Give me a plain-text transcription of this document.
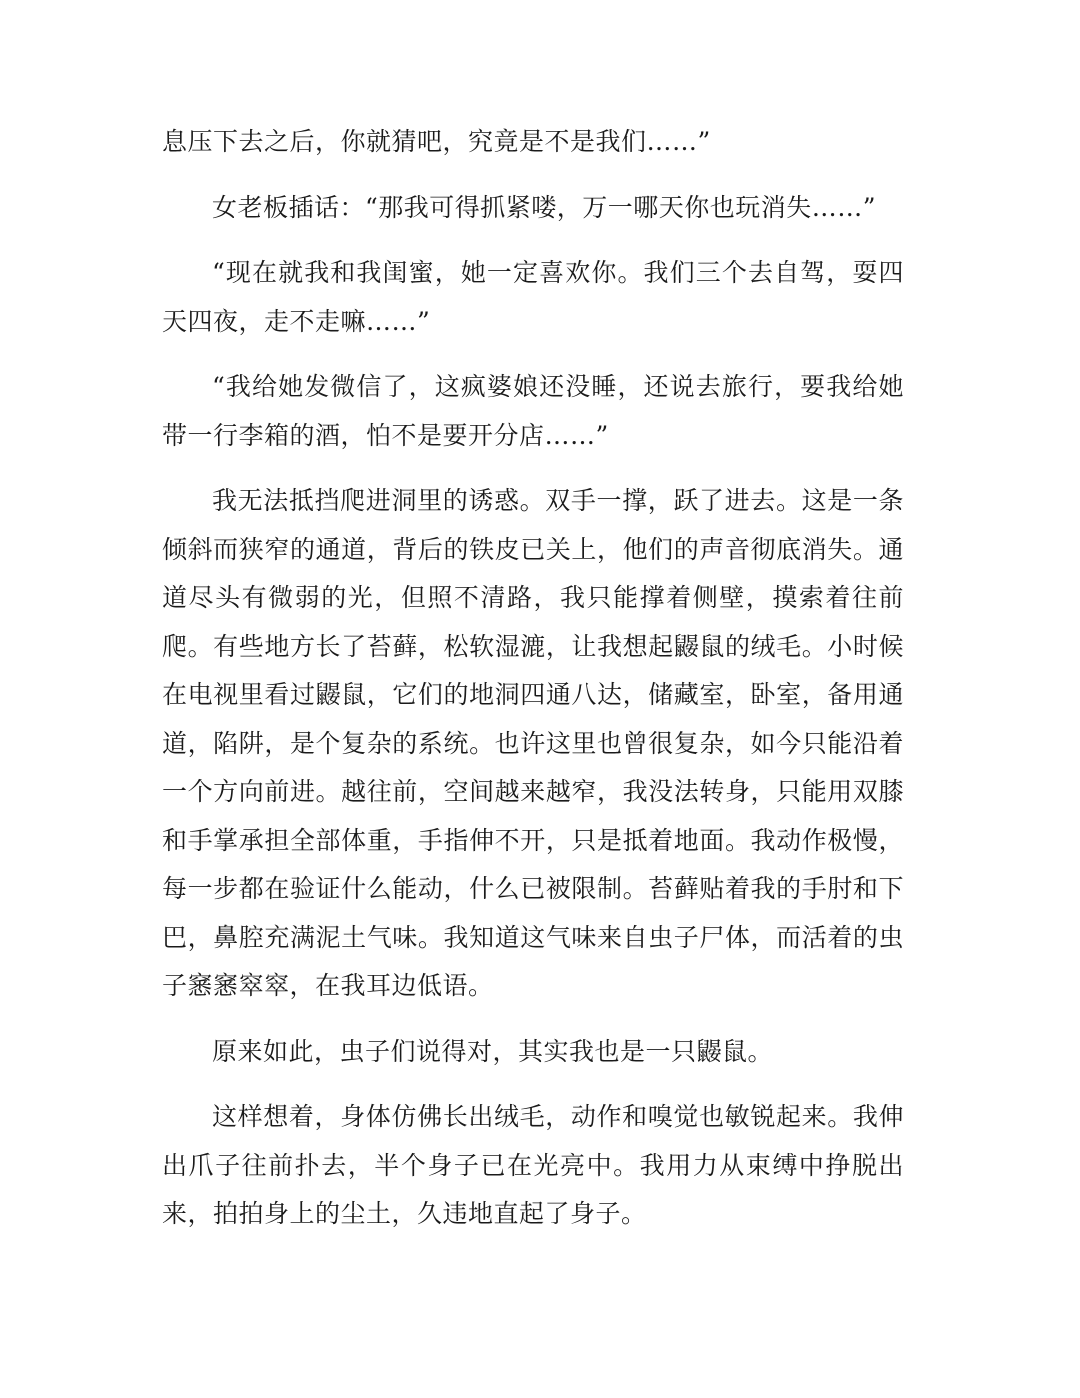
息压下去之后，你就猜吧，究竟是不是我们……”

女老板插话：“那我可得抓紧喽，万一哪天你也玩消失……”

“现在就我和我闺蜜，她一定喜欢你。我们三个去自驾，耍四天四夜，走不走嘛……”

“我给她发微信了，这疯婆娘还没睡，还说去旅行，要我给她带一行李箱的酒，怕不是要开分店……”

我无法抵挡爬进洞里的诱惑。双手一撑，跃了进去。这是一条倾斜而狭窄的通道，背后的铁皮已关上，他们的声音彻底消失。通道尽头有微弱的光，但照不清路，我只能撑着侧壁，摸索着往前爬。有些地方长了苔藓，松软湿漉，让我想起鼹鼠的绒毛。小时候在电视里看过鼹鼠，它们的地洞四通八达，储藏室，卧室，备用通道，陷阱，是个复杂的系统。也许这里也曾很复杂，如今只能沿着一个方向前进。越往前，空间越来越窄，我没法转身，只能用双膝和手掌承担全部体重，手指伸不开，只是抵着地面。我动作极慢，每一步都在验证什么能动，什么已被限制。苔藓贴着我的手肘和下巴，鼻腔充满泥土气味。我知道这气味来自虫子尸体，而活着的虫子窸窸窣窣，在我耳边低语。

原来如此，虫子们说得对，其实我也是一只鼹鼠。

这样想着，身体仿佛长出绒毛，动作和嗅觉也敏锐起来。我伸出爪子往前扑去，半个身子已在光亮中。我用力从束缚中挣脱出来，拍拍身上的尘土，久违地直起了身子。
